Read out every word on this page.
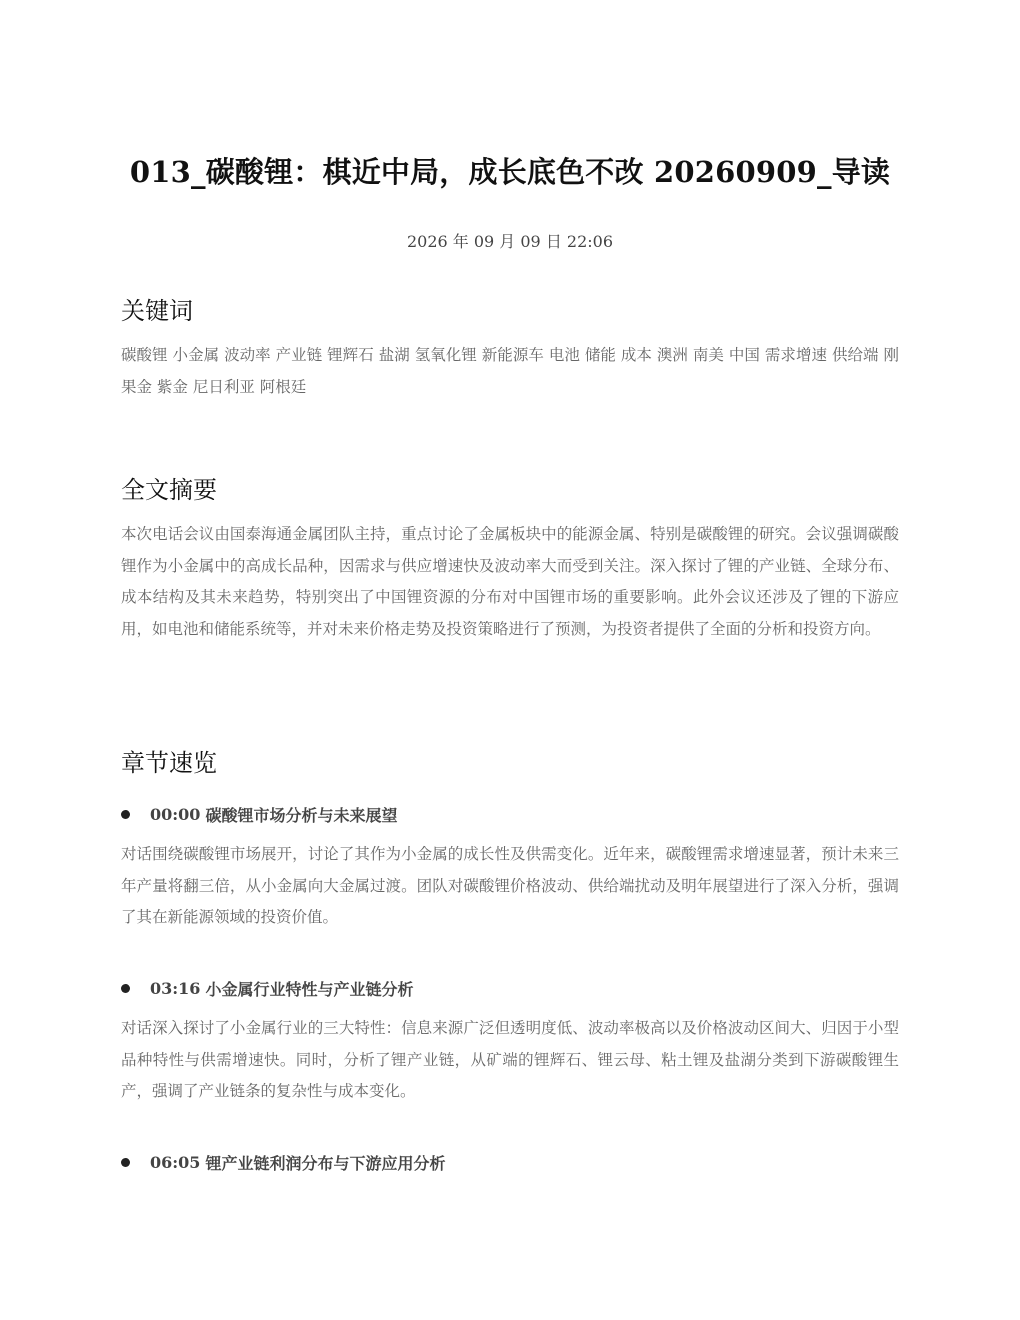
013_碳酸锂：棋近中局，成长底色不改 20260909_导读
2026 年 09 月 09 日 22:06
关键词

碳酸锂 小金属 波动率 产业链 锂辉石 盐湖 氢氧化锂 新能源车 电池 储能 成本 澳洲 南美 中国 需求增速 供给端 刚果金 紫金 尼日利亚 阿根廷

全文摘要

本次电话会议由国泰海通金属团队主持，重点讨论了金属板块中的能源金属、特别是碳酸锂的研究。会议强调碳酸锂作为小金属中的高成长品种，因需求与供应增速快及波动率大而受到关注。深入探讨了锂的产业链、全球分布、成本结构及其未来趋势，特别突出了中国锂资源的分布对中国锂市场的重要影响。此外会议还涉及了锂的下游应用，如电池和储能系统等，并对未来价格走势及投资策略进行了预测，为投资者提供了全面的分析和投资方向。

章节速览
00:00 碳酸锂市场分析与未来展望

对话围绕碳酸锂市场展开，讨论了其作为小金属的成长性及供需变化。近年来，碳酸锂需求增速显著，预计未来三年产量将翻三倍，从小金属向大金属过渡。团队对碳酸锂价格波动、供给端扰动及明年展望进行了深入分析，强调了其在新能源领域的投资价值。

03:16 小金属行业特性与产业链分析

对话深入探讨了小金属行业的三大特性：信息来源广泛但透明度低、波动率极高以及价格波动区间大、归因于小型品种特性与供需增速快。同时，分析了锂产业链，从矿端的锂辉石、锂云母、粘土锂及盐湖分类到下游碳酸锂生产，强调了产业链条的复杂性与成本变化。

06:05 锂产业链利润分布与下游应用分析
